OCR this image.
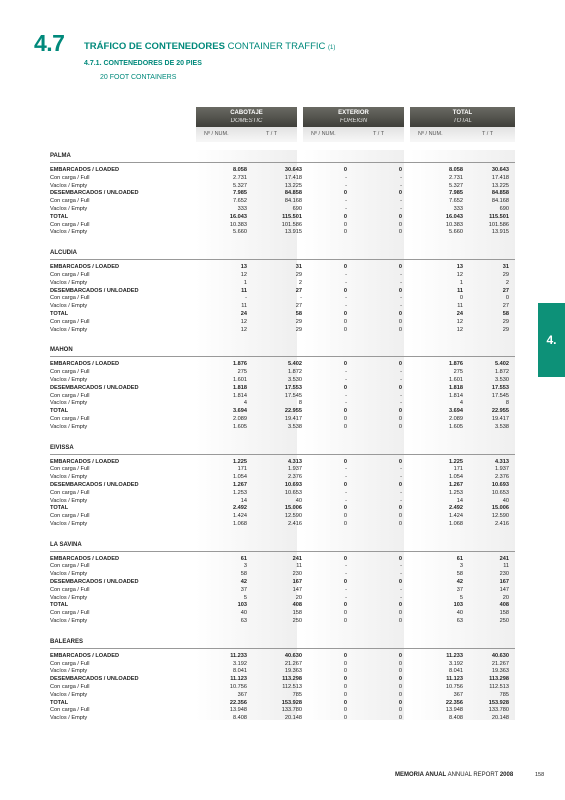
4.7 TRÁFICO DE CONTENEDORES CONTAINER TRAFFIC (1)
4.7.1. CONTENEDORES DE 20 PIES
20 FOOT CONTAINERS
4.
CABOTAJE
DOMESTIC
EXTERIOR
FOREIGN
TOTAL
TOTAL
Nº / NUM.	T / T	Nº / NUM.	T / T	Nº / NUM.	T / T
PALMA
EMBARCADOS / LOADED	8.058	30.643	0	0	8.058	30.643
Con carga / Full	2.731	17.418	-	-	2.731	17.418
Vacíos / Empty	5.327	13.225	-	-	5.327	13.225
DESEMBARCADOS / UNLOADED	7.985	84.858	0	0	7.985	84.858
Con carga / Full	7.652	84.168	-	-	7.652	84.168
Vacíos / Empty	333	690	-	-	333	690
TOTAL	16.043	115.501	0	0	16.043	115.501
Con carga / Full	10.383	101.586	0	0	10.383	101.586
Vacíos / Empty	5.660	13.915	0	0	5.660	13.915
ALCUDIA
EMBARCADOS / LOADED	13	31	0	0	13	31
Con carga / Full	12	29	-	-	12	29
Vacíos / Empty	1	2	-	-	1	2
DESEMBARCADOS / UNLOADED	11	27	0	0	11	27
Con carga / Full	-	-	-	-	0	0
Vacíos / Empty	11	27	-	-	11	27
TOTAL	24	58	0	0	24	58
Con carga / Full	12	29	0	0	12	29
Vacíos / Empty	12	29	0	0	12	29
MAHON
EMBARCADOS / LOADED	1.876	5.402	0	0	1.876	5.402
Con carga / Full	275	1.872	-	-	275	1.872
Vacíos / Empty	1.601	3.530	-	-	1.601	3.530
DESEMBARCADOS / UNLOADED	1.818	17.553	0	0	1.818	17.553
Con carga / Full	1.814	17.545	-	-	1.814	17.545
Vacíos / Empty	4	8	-	-	4	8
TOTAL	3.694	22.955	0	0	3.694	22.955
Con carga / Full	2.089	19.417	0	0	2.089	19.417
Vacíos / Empty	1.605	3.538	0	0	1.605	3.538
EIVISSA
EMBARCADOS / LOADED	1.225	4.313	0	0	1.225	4.313
Con carga / Full	171	1.937	-	-	171	1.937
Vacíos / Empty	1.054	2.376	-	-	1.054	2.376
DESEMBARCADOS / UNLOADED	1.267	10.693	0	0	1.267	10.693
Con carga / Full	1.253	10.653	-	-	1.253	10.653
Vacíos / Empty	14	40	-	-	14	40
TOTAL	2.492	15.006	0	0	2.492	15.006
Con carga / Full	1.424	12.590	0	0	1.424	12.590
Vacíos / Empty	1.068	2.416	0	0	1.068	2.416
LA SAVINA
EMBARCADOS / LOADED	61	241	0	0	61	241
Con carga / Full	3	11	-	-	3	11
Vacíos / Empty	58	230	-	-	58	230
DESEMBARCADOS / UNLOADED	42	167	0	0	42	167
Con carga / Full	37	147	-	-	37	147
Vacíos / Empty	5	20	-	-	5	20
TOTAL	103	408	0	0	103	408
Con carga / Full	40	158	0	0	40	158
Vacíos / Empty	63	250	0	0	63	250
BALEARES
EMBARCADOS / LOADED	11.233	40.630	0	0	11.233	40.630
Con carga / Full	3.192	21.267	0	0	3.192	21.267
Vacíos / Empty	8.041	19.363	0	0	8.041	19.363
DESEMBARCADOS / UNLOADED	11.123	113.298	0	0	11.123	113.298
Con carga / Full	10.756	112.513	0	0	10.756	112.513
Vacíos / Empty	367	785	0	0	367	785
TOTAL	22.356	153.928	0	0	22.356	153.928
Con carga / Full	13.948	133.780	0	0	13.948	133.780
Vacíos / Empty	8.408	20.148	0	0	8.408	20.148
MEMORIA ANUAL ANNUAL REPORT 2008	158
